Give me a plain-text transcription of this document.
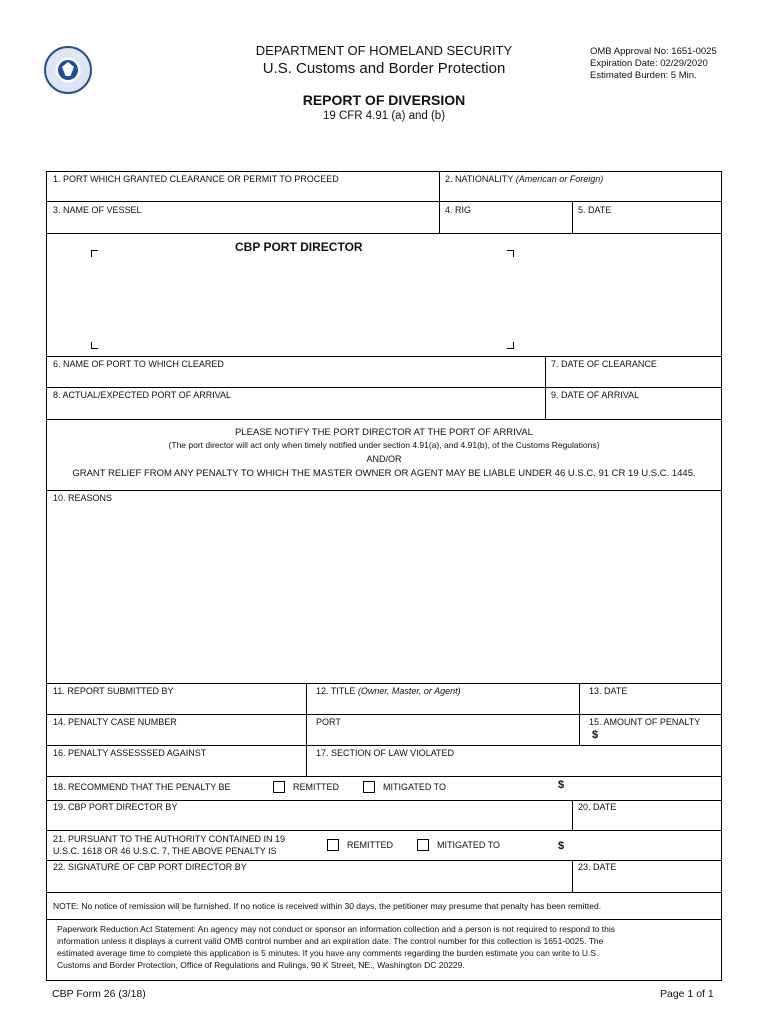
DEPARTMENT OF HOMELAND SECURITY
U.S. Customs and Border Protection
REPORT OF DIVERSION
19 CFR 4.91 (a) and (b)
OMB Approval No: 1651-0025
Expiration Date: 02/29/2020
Estimated Burden: 5 Min.
1. PORT WHICH GRANTED CLEARANCE OR PERMIT TO PROCEED	2. NATIONALITY (American or Foreign)
3. NAME OF VESSEL	4. RIG	5. DATE
CBP PORT DIRECTOR
6. NAME OF PORT TO WHICH CLEARED	7. DATE OF CLEARANCE
8. ACTUAL/EXPECTED PORT OF ARRIVAL	9. DATE OF ARRIVAL
PLEASE NOTIFY THE PORT DIRECTOR AT THE PORT OF ARRIVAL
(The port director will act only when timely notified under section 4.91(a), and 4.91(b), of the Customs Regulations)
AND/OR
GRANT RELIEF FROM ANY PENALTY TO WHICH THE MASTER OWNER OR AGENT MAY BE LIABLE UNDER 46 U.S.C. 91 CR 19 U.S.C. 1445.
10. REASONS
11. REPORT SUBMITTED BY	12. TITLE (Owner, Master, or Agent)	13. DATE
14. PENALTY CASE NUMBER	PORT	15. AMOUNT OF PENALTY
$
16. PENALTY ASSESSSED AGAINST	17. SECTION OF LAW VIOLATED
18. RECOMMEND THAT THE PENALTY BE	REMITTED	MITIGATED TO	$
19. CBP PORT DIRECTOR BY	20. DATE
21. PURSUANT TO THE AUTHORITY CONTAINED IN 19
U.S.C. 1618 OR 46 U.S.C. 7, THE ABOVE PENALTY IS
REMITTED	MITIGATED TO	$
22. SIGNATURE OF CBP PORT DIRECTOR BY	23. DATE
NOTE: No notice of remission will be furnished. If no notice is received within 30 days, the petitioner may presume that penalty has been remitted.
Paperwork Reduction Act Statement: An agency may not conduct or sponsor an information collection and a person is not required to respond to this
information unless it displays a current valid OMB control number and an expiration date. The control number for this collection is 1651-0025. The
estimated average time to complete this application is 5 minutes. If you have any comments regarding the burden estimate you can write to U.S.
Customs and Border Protection, Office of Regulations and Rulings, 90 K Street, NE., Washington DC 20229.
CBP Form 26 (3/18)	Page 1 of 1
